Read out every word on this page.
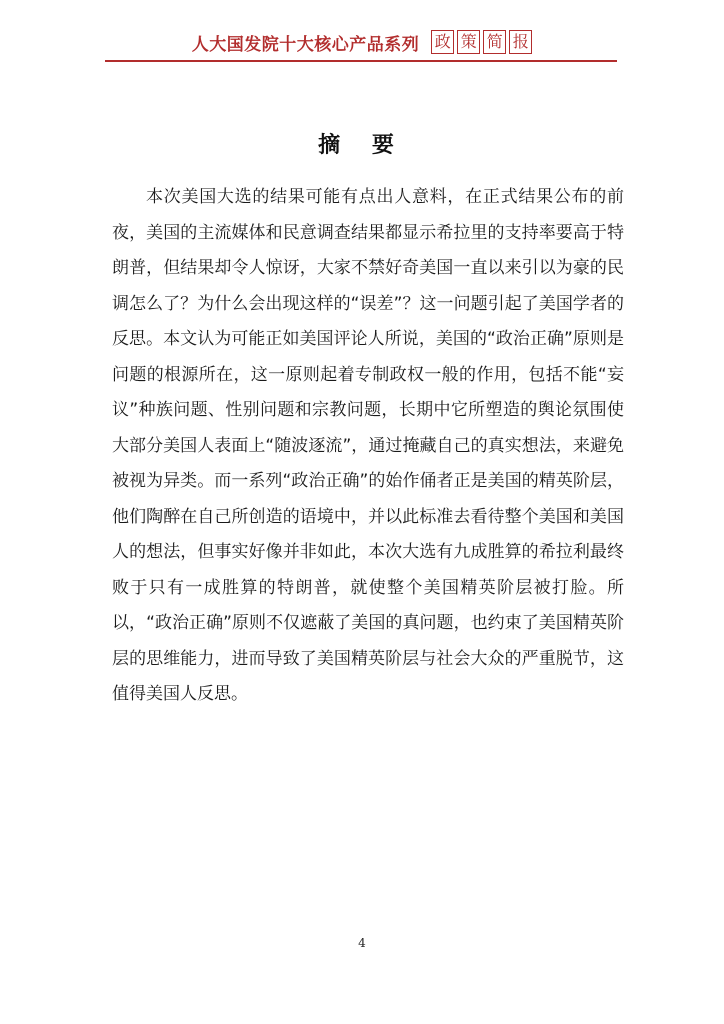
人大国发院十大核心产品系列 政 策 简 报
摘 要

本次美国大选的结果可能有点出人意料，在正式结果公布的前夜，美国的主流媒体和民意调查结果都显示希拉里的支持率要高于特朗普，但结果却令人惊讶，大家不禁好奇美国一直以来引以为豪的民调怎么了？为什么会出现这样的“误差”？这一问题引起了美国学者的反思。本文认为可能正如美国评论人所说，美国的“政治正确”原则是问题的根源所在，这一原则起着专制政权一般的作用，包括不能“妄议”种族问题、性别问题和宗教问题，长期中它所塑造的舆论氛围使大部分美国人表面上“随波逐流”，通过掩藏自己的真实想法，来避免被视为异类。而一系列“政治正确”的始作俑者正是美国的精英阶层，他们陶醉在自己所创造的语境中，并以此标准去看待整个美国和美国人的想法，但事实好像并非如此，本次大选有九成胜算的希拉利最终败于只有一成胜算的特朗普，就使整个美国精英阶层被打脸。所以，“政治正确”原则不仅遮蔽了美国的真问题，也约束了美国精英阶层的思维能力，进而导致了美国精英阶层与社会大众的严重脱节，这值得美国人反思。

4
